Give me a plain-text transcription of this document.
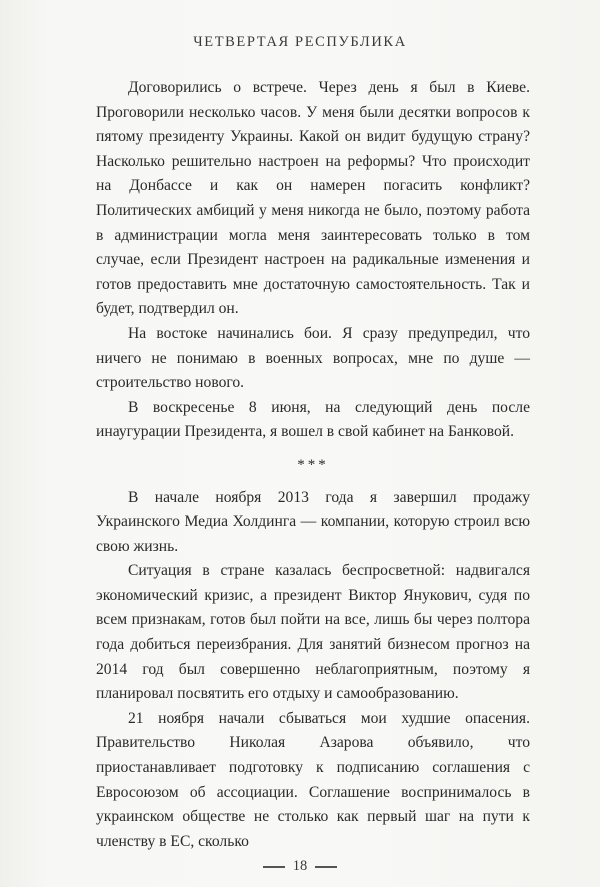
ЧЕТВЕРТАЯ РЕСПУБЛИКА

Договорились о встрече. Через день я был в Киеве. Проговорили несколько часов. У меня были десятки вопросов к пятому президенту Украины. Какой он видит будущую страну? Насколько решительно настроен на реформы? Что происходит на Донбассе и как он намерен погасить конфликт? Политических амбиций у меня никогда не было, поэтому работа в администрации могла меня заинтересовать только в том случае, если Президент настроен на радикальные изменения и готов предоставить мне достаточную самостоятельность. Так и будет, подтвердил он.

На востоке начинались бои. Я сразу предупредил, что ничего не понимаю в военных вопросах, мне по душе — строительство нового.

В воскресенье 8 июня, на следующий день после инаугурации Президента, я вошел в свой кабинет на Банковой.

***

В начале ноября 2013 года я завершил продажу Украинского Медиа Холдинга — компании, которую строил всю свою жизнь.

Ситуация в стране казалась беспросветной: надвигался экономический кризис, а президент Виктор Янукович, судя по всем признакам, готов был пойти на все, лишь бы через полтора года добиться переизбрания. Для занятий бизнесом прогноз на 2014 год был совершенно неблагоприятным, поэтому я планировал посвятить его отдыху и самообразованию.

21 ноября начали сбываться мои худшие опасения. Правительство Николая Азарова объявило, что приостанавливает подготовку к подписанию соглашения с Евросоюзом об ассоциации. Соглашение воспринималось в украинском обществе не столько как первый шаг на пути к членству в ЕС, сколько

18
